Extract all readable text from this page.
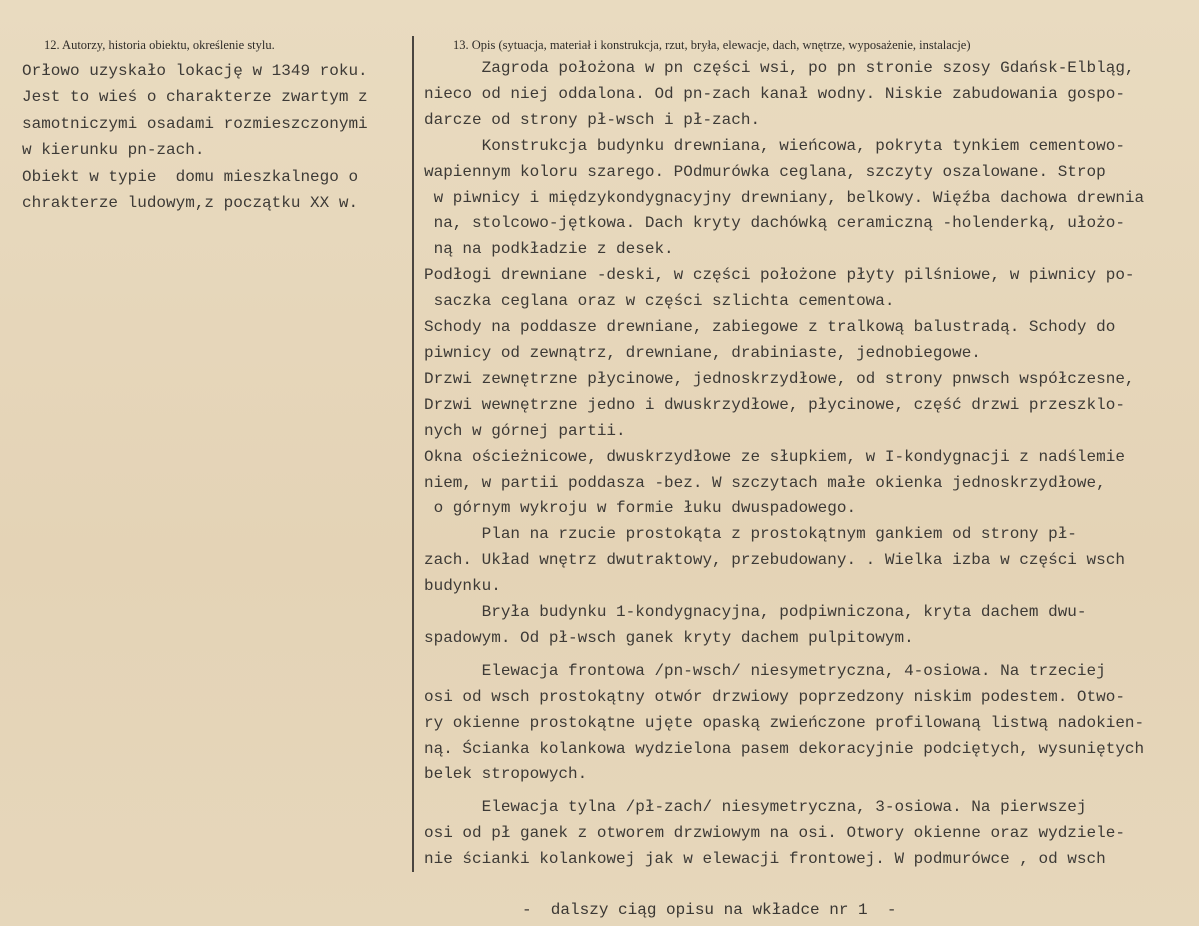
12. Autorzy, historia obiektu, określenie stylu.	13. Opis (sytuacja, materiał i konstrukcja, rzut, bryła, elewacje, dach, wnętrze, wyposażenie, instalacje)
Orłowo uzyskało lokację w 1349 roku.
Jest to wieś o charakterze zwartym z
samotniczymi osadami rozmieszczonymi
w kierunku pn-zach.
Obiekt w typie  domu mieszkalnego o
chrakterze ludowym,z początku XX w.
Zagroda położona w pn części wsi, po pn stronie szosy Gdańsk-Elbląg,
nieco od niej oddalona. Od pn-zach kanał wodny. Niskie zabudowania gospo-
darcze od strony pł-wsch i pł-zach.
Konstrukcja budynku drewniana, wieńcowa, pokryta tynkiem cementowo-
wapiennym koloru szarego. POdmurówka ceglana, szczyty oszalowane. Strop
w piwnicy i międzykondygnacyjny drewniany, belkowy. Więźba dachowa drewnia
na, stolcowo-jętkowa. Dach kryty dachówką ceramiczną -holenderką, ułożo-
ną na podkładzie z desek.
Podłogi drewniane -deski, w części położone płyty pilśniowe, w piwnicy po-
saczka ceglana oraz w części szlichta cementowa.
Schody na poddasze drewniane, zabiegowe z tralkową balustradą. Schody do
piwnicy od zewnątrz, drewniane, drabiniaste, jednobiegowe.
Drzwi zewnętrzne płycinowe, jednoskrzydłowe, od strony pnwsch współczesne,
Drzwi wewnętrzne jedno i dwuskrzydłowe, płycinowe, część drzwi przeszklo-
nych w górnej partii.
Okna ościeżnicowe, dwuskrzydłowe ze słupkiem, w I-kondygnacji z nadślemie
niem, w partii poddasza -bez. W szczytach małe okienka jednoskrzydłowe,
o górnym wykroju w formie łuku dwuspadowego.
Plan na rzucie prostokąta z prostokątnym gankiem od strony pł-
zach. Układ wnętrz dwutraktowy, przebudowany. . Wielka izba w części wsch
budynku.
Bryła budynku 1-kondygnacyjna, podpiwniczona, kryta dachem dwu-
spadowym. Od pł-wsch ganek kryty dachem pulpitowym.
Elewacja frontowa /pn-wsch/ niesymetryczna, 4-osiowa. Na trzeciej
osi od wsch prostokątny otwór drzwiowy poprzedzony niskim podestem. Otwo-
ry okienne prostokątne ujęte opaską zwieńczone profilowaną listwą nadokien-
ną. Ścianka kolankowa wydzielona pasem dekoracyjnie podciętych, wysuniętych
belek stropowych.
Elewacja tylna /pł-zach/ niesymetryczna, 3-osiowa. Na pierwszej
osi od pł ganek z otworem drzwiowym na osi. Otwory okienne oraz wydziele-
nie ścianki kolankowej jak w elewacji frontowej. W podmurówce , od wsch
-  dalszy ciąg opisu na wkładce nr 1  -
